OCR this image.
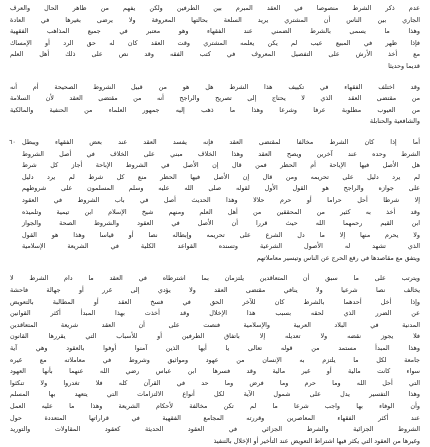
ﻋﺪﻡ ﺫﻛﺮ ﺍﻟﺸﺮﻁ ﻣﻨﺼﻮﺻﺎ ﻓﻲ ﺍﻟﻌﻘﺪ ﺍﻟﻤﺒﺮﻡ ﺑﻴﻦ ﺍﻟﻄﺮﻓﻴﻦ ﻭﻟﻜﻦ ﻳﻔﻬﻢ ﻣﻦ ﻇﺎﻫﺮ ﺍﻟﺤﺎﻝ ﻭﺍﻟﻌﺮﻑ
ﺍﻟﺠﺎﺭﻱ ﺑﻴﻦ ﺍﻟﻨﺎﺱ ﺃﻥ ﺍﻟﻤﺸﺘﺮﻱ ﻳﺮﻳﺪ ﺍﻟﺴﻠﻌﺔ ﺑﺤﺎﻟﺘﻬﺎ ﺍﻟﻤﻌﺮﻭﻓﺔ ﻭﻻ ﻳﺮﺿﻰ ﺑﻐﻴﺮﻫﺎ ﻓﻲ ﺍﻟﻌﺎﺩﺓ
ﻭﻫﺬﺍ ﻣﺎ ﻳﺴﻤﻰ ﺑﺎﻟﺸﺮﻁ ﺍﻟﻀﻤﻨﻲ ﻋﻨﺪ ﺍﻟﻔﻘﻬﺎﺀ ﻭﻫﻮ ﻣﻌﺘﺒﺮ ﻓﻲ ﺟﻤﻴﻊ ﺍﻟﻤﺬﺍﻫﺐ ﺍﻟﻔﻘﻬﻴﺔ
ﻓﺈﺫﺍ ﻇﻬﺮ ﻓﻲ ﺍﻟﻤﺒﻴﻊ ﻋﻴﺐ ﻟﻢ ﻳﻜﻦ ﻳﻌﻠﻤﻪ ﺍﻟﻤﺸﺘﺮﻱ ﻭﻗﺖ ﺍﻟﻌﻘﺪ ﻛﺎﻥ ﻟﻪ ﺣﻖ ﺍﻟﺮﺩ ﺃﻭ ﺍﻹﻣﺴﺎﻙ
ﻣﻊ ﺃﺧﺬ ﺍﻷﺭﺵ ﻋﻠﻰ ﺍﻟﺘﻔﺼﻴﻞ ﺍﻟﻤﻌﺮﻭﻑ ﻓﻲ ﻛﺘﺐ ﺍﻟﻔﻘﻪ ﻭﻗﺪ ﻧﺺ ﻋﻠﻰ ﺫﻟﻚ ﺃﻫﻞ ﺍﻟﻌﻠﻢ
ﻗﺪﻳﻤﺎ ﻭﺣﺪﻳﺜﺎ
ﻭﻗﺪ ﺍﺧﺘﻠﻒ ﺍﻟﻔﻘﻬﺎﺀ ﻓﻲ ﺗﻜﻴﻴﻒ ﻫﺬﺍ ﺍﻟﺸﺮﻁ ﻫﻞ ﻫﻮ ﻣﻦ ﻗﺒﻴﻞ ﺍﻟﺸﺮﻭﻁ ﺍﻟﺼﺤﻴﺤﺔ ﺃﻡ ﺃﻧﻪ
ﻣﻦ ﻣﻘﺘﻀﻰ ﺍﻟﻌﻘﺪ ﺍﻟﺬﻱ ﻻ ﻳﺤﺘﺎﺝ ﺇﻟﻰ ﺗﺼﺮﻳﺢ ﻭﺍﻟﺮﺍﺟﺢ ﺃﻧﻪ ﻣﻦ ﻣﻘﺘﻀﻰ ﺍﻟﻌﻘﺪ ﻟﺄﻥ ﺍﻟﺴﻼﻣﺔ
ﻣﻦ ﺍﻟﻌﻴﻮﺏ ﻣﻄﻠﻮﺑﺔ ﻋﺮﻓﺎ ﻭﺷﺮﻋﺎ ﻭﻫﺬﺍ ﻣﺎ ﺫﻫﺐ ﺇﻟﻴﻪ ﺟﻤﻬﻮﺭ ﺍﻟﻌﻠﻤﺎﺀ ﻣﻦ ﺍﻟﺤﻨﻔﻴﺔ ﻭﺍﻟﻤﺎﻟﻜﻴﺔ
ﻭﺍﻟﺸﺎﻓﻌﻴﺔ ﻭﺍﻟﺤﻨﺎﺑﻠﺔ
ﺃﻣﺎ ﺇﺫﺍ ﻛﺎﻥ ﺍﻟﺸﺮﻁ ﻣﺨﺎﻟﻔﺎ ﻟﻤﻘﺘﻀﻰ ﺍﻟﻌﻘﺪ ﻓﺈﻧﻪ ﻳﻔﺴﺪ ﺍﻟﻌﻘﺪ ﻋﻨﺪ ﺑﻌﺾ ﺍﻟﻔﻘﻬﺎﺀ ﻭﻳﺒﻄﻞ
٦٠
ﺍﻟﺸﺮﻁ ﻭﺣﺪﻩ ﻋﻨﺪ ﺁﺧﺮﻳﻦ ﻭﻳﺼﺢ ﺍﻟﻌﻘﺪ ﻭﻫﺬﺍ ﺍﻟﺨﻼﻑ ﻣﺒﻨﻲ ﻋﻠﻰ ﺍﻟﺨﻼﻑ ﻓﻲ ﺃﺻﻞ ﺍﻟﺸﺮﻭﻁ
ﻫﻞ ﺍﻷﺻﻞ ﻓﻴﻬﺎ ﺍﻹﺑﺎﺣﺔ ﺃﻡ ﺍﻟﺤﻈﺮ ﻓﻤﻦ ﻗﺎﻝ ﺇﻥ ﺍﻷﺻﻞ ﻓﻲ ﺍﻟﺸﺮﻭﻁ ﺍﻹﺑﺎﺣﺔ ﺃﺟﺎﺯ ﻛﻞ ﺷﺮﻁ
ﻟﻢ ﻳﺮﺩ ﺩﻟﻴﻞ ﻋﻠﻰ ﺗﺤﺮﻳﻤﻪ ﻭﻣﻦ ﻗﺎﻝ ﺇﻥ ﺍﻷﺻﻞ ﻓﻴﻬﺎ ﺍﻟﺤﻈﺮ ﻣﻨﻊ ﻛﻞ ﺷﺮﻁ ﻟﻢ ﻳﺮﺩ ﺩﻟﻴﻞ
ﻋﻠﻰ ﺟﻮﺍﺯﻩ ﻭﺍﻟﺮﺍﺟﺢ ﻫﻮ ﺍﻟﻘﻮﻝ ﺍﻷﻭﻝ ﻟﻘﻮﻟﻪ ﺻﻠﻰ ﺍﻟﻠﻪ ﻋﻠﻴﻪ ﻭﺳﻠﻢ ﺍﻟﻤﺴﻠﻤﻮﻥ ﻋﻠﻰ ﺷﺮﻭﻃﻬﻢ
ﺇﻻ ﺷﺮﻃﺎ ﺃﺣﻞ ﺣﺮﺍﻣﺎ ﺃﻭ ﺣﺮﻡ ﺣﻼﻻ ﻭﻫﺬﺍ ﺍﻟﺤﺪﻳﺚ ﺃﺻﻞ ﻓﻲ ﺑﺎﺏ ﺍﻟﺸﺮﻭﻁ ﻓﻲ ﺍﻟﻌﻘﻮﺩ
ﻭﻗﺪ ﺃﺧﺬ ﺑﻪ ﻛﺜﻴﺮ ﻣﻦ ﺍﻟﻤﺤﻘﻘﻴﻦ ﻣﻦ ﺃﻫﻞ ﺍﻟﻌﻠﻢ ﻭﻣﻨﻬﻢ ﺷﻴﺦ ﺍﻹﺳﻼﻡ ﺍﺑﻦ ﺗﻴﻤﻴﺔ ﻭﺗﻠﻤﻴﺬﻩ
ﺍﺑﻦ ﺍﻟﻘﻴﻢ ﺭﺣﻤﻬﻤﺎ ﺍﻟﻠﻪ ﺣﻴﺚ ﻗﺮﺭﺍ ﺃﻥ ﺍﻷﺻﻞ ﻓﻲ ﺍﻟﻌﻘﻮﺩ ﻭﺍﻟﺸﺮﻭﻁ ﺍﻟﺼﺤﺔ ﻭﺍﻟﺠﻮﺍﺯ
ﻭﻻ ﻳﺤﺮﻡ ﻣﻨﻬﺎ ﺇﻻ ﻣﺎ ﺩﻝ ﺍﻟﺸﺮﻉ ﻋﻠﻰ ﺗﺤﺮﻳﻤﻪ ﻭﺇﺑﻄﺎﻟﻪ ﻧﺼﺎ ﺃﻭ ﻗﻴﺎﺳﺎ ﻭﻫﺬﺍ ﻫﻮ ﺍﻟﻘﻮﻝ
ﺍﻟﺬﻱ ﺗﺸﻬﺪ ﻟﻪ ﺍﻷﺻﻮﻝ ﺍﻟﺸﺮﻋﻴﺔ ﻭﺗﺴﻨﺪﻩ ﺍﻟﻘﻮﺍﻋﺪ ﺍﻟﻜﻠﻴﺔ ﻓﻲ ﺍﻟﺸﺮﻳﻌﺔ ﺍﻹﺳﻼﻣﻴﺔ
ﻭﻳﺘﻔﻖ ﻣﻊ ﻣﻘﺎﺻﺪﻫﺎ ﻓﻲ ﺭﻓﻊ ﺍﻟﺤﺮﺝ ﻋﻦ ﺍﻟﻨﺎﺱ ﻭﺗﻴﺴﻴﺮ ﻣﻌﺎﻣﻼﺗﻬﻢ
ﻭﻳﺘﺮﺗﺐ ﻋﻠﻰ ﻣﺎ ﺳﺒﻖ ﺃﻥ ﺍﻟﻤﺘﻌﺎﻗﺪﻳﻦ ﻳﻠﺘﺰﻣﺎﻥ ﺑﻤﺎ ﺍﺷﺘﺮﻃﺎﻩ ﻓﻲ ﺍﻟﻌﻘﺪ ﻣﺎ ﺩﺍﻡ ﺍﻟﺸﺮﻁ ﻻ
ﻳﺨﺎﻟﻒ ﻧﺼﺎ ﺷﺮﻋﻴﺎ ﻭﻻ ﻳﻨﺎﻓﻲ ﻣﻘﺘﻀﻰ ﺍﻟﻌﻘﺪ ﻭﻻ ﻳﺆﺩﻱ ﺇﻟﻰ ﻏﺮﺭ ﺃﻭ ﺟﻬﺎﻟﺔ ﻓﺎﺣﺸﺔ
ﻭﺇﺫﺍ ﺃﺧﻞ ﺃﺣﺪﻫﻤﺎ ﺑﺎﻟﺸﺮﻁ ﻛﺎﻥ ﻟﻠﺂﺧﺮ ﺍﻟﺤﻖ ﻓﻲ ﻓﺴﺦ ﺍﻟﻌﻘﺪ ﺃﻭ ﺍﻟﻤﻄﺎﻟﺒﺔ ﺑﺎﻟﺘﻌﻮﻳﺾ
ﻋﻦ ﺍﻟﻀﺮﺭ ﺍﻟﺬﻱ ﻟﺤﻘﻪ ﺑﺴﺒﺐ ﻫﺬﺍ ﺍﻹﺧﻼﻝ ﻭﻗﺪ ﺃﺧﺬﺕ ﺑﻬﺬﺍ ﺍﻟﻤﺒﺪﺃ ﺃﻛﺜﺮ ﺍﻟﻘﻮﺍﻧﻴﻦ
ﺍﻟﻤﺪﻧﻴﺔ ﻓﻲ ﺍﻟﺒﻼﺩ ﺍﻟﻌﺮﺑﻴﺔ ﻭﺍﻹﺳﻼﻣﻴﺔ ﻓﻨﺼﺖ ﻋﻠﻰ ﺃﻥ ﺍﻟﻌﻘﺪ ﺷﺮﻳﻌﺔ ﺍﻟﻤﺘﻌﺎﻗﺪﻳﻦ
ﻓﻼ ﻳﺠﻮﺯ ﻧﻘﻀﻪ ﻭﻻ ﺗﻌﺪﻳﻠﻪ ﺇﻻ ﺑﺎﺗﻔﺎﻕ ﺍﻟﻄﺮﻓﻴﻦ ﺃﻭ ﻟﻸﺳﺒﺎﺏ ﺍﻟﺘﻲ ﻳﻘﺮﺭﻫﺎ ﺍﻟﻘﺎﻧﻮﻥ
ﻭﻫﺬﺍ ﺍﻟﻤﺒﺪﺃ ﻣﺴﺘﻤﺪ ﻣﻦ ﻗﻮﻟﻪ ﺗﻌﺎﻟﻰ ﻳﺎ ﺃﻳﻬﺎ ﺍﻟﺬﻳﻦ ﺁﻣﻨﻮﺍ ﺃﻭﻓﻮﺍ ﺑﺎﻟﻌﻘﻮﺩ ﻭﻫﻲ ﺁﻳﺔ
ﺟﺎﻣﻌﺔ ﻟﻜﻞ ﻣﺎ ﻳﻠﺘﺰﻡ ﺑﻪ ﺍﻹﻧﺴﺎﻥ ﻣﻦ ﻋﻬﻮﺩ ﻭﻣﻮﺍﺛﻴﻖ ﻭﺷﺮﻭﻁ ﻓﻲ ﻣﻌﺎﻣﻼﺗﻪ ﻣﻊ ﻏﻴﺮﻩ
ﺳﻮﺍﺀ ﻛﺎﻧﺖ ﻣﺎﻟﻴﺔ ﺃﻭ ﻏﻴﺮ ﻣﺎﻟﻴﺔ ﻭﻗﺪ ﻓﺴﺮﻫﺎ ﺍﺑﻦ ﻋﺒﺎﺱ ﺭﺿﻲ ﺍﻟﻠﻪ ﻋﻨﻬﻤﺎ ﺑﺄﻧﻬﺎ ﺍﻟﻌﻬﻮﺩ
ﺍﻟﺘﻲ ﺃﺣﻞ ﺍﻟﻠﻪ ﻭﻣﺎ ﺣﺮﻡ ﻭﻣﺎ ﻓﺮﺽ ﻭﻣﺎ ﺣﺪ ﻓﻲ ﺍﻟﻘﺮﺁﻥ ﻛﻠﻪ ﻓﻼ ﺗﻐﺪﺭﻭﺍ ﻭﻻ ﺗﻨﻜﺜﻮﺍ
ﻭﻫﺬﺍ ﺍﻟﺘﻔﺴﻴﺮ ﻳﺪﻝ ﻋﻠﻰ ﺷﻤﻮﻝ ﺍﻵﻳﺔ ﻟﻜﻞ ﺃﻧﻮﺍﻉ ﺍﻻﻟﺘﺰﺍﻣﺎﺕ ﺍﻟﺘﻲ ﻳﺘﻌﻬﺪ ﺑﻬﺎ ﺍﻟﻤﺴﻠﻢ
ﻭﺃﻥ ﺍﻟﻮﻓﺎﺀ ﺑﻬﺎ ﻭﺍﺟﺐ ﺷﺮﻋﺎ ﻣﺎ ﻟﻢ ﺗﻜﻦ ﻣﺨﺎﻟﻔﺔ ﻟﺄﺣﻜﺎﻡ ﺍﻟﺸﺮﻳﻌﺔ ﻭﻫﺬﺍ ﻣﺎ ﻋﻠﻴﻪ ﺍﻟﻌﻤﻞ
ﻋﻨﺪ ﺃﻛﺜﺮ ﺍﻟﻔﻘﻬﺎﺀ ﺍﻟﻤﻌﺎﺻﺮﻳﻦ ﻭﻗﺮﺭﺗﻪ ﺍﻟﻤﺠﺎﻣﻊ ﺍﻟﻔﻘﻬﻴﺔ ﻓﻲ ﻗﺮﺍﺭﺍﺗﻬﺎ ﺍﻟﻤﺘﻌﺪﺩﺓ ﺣﻮﻝ
ﺍﻟﺸﺮﻭﻁ ﺍﻟﺠﺰﺍﺋﻴﺔ ﻭﺍﻟﺸﺮﻁ ﺍﻟﺠﺰﺍﺋﻲ ﻓﻲ ﺍﻟﻌﻘﻮﺩ ﺍﻟﺤﺪﻳﺜﺔ ﻛﻌﻘﻮﺩ ﺍﻟﻤﻘﺎﻭﻟﺎﺕ ﻭﺍﻟﺘﻮﺭﻳﺪ
ﻭﻏﻴﺮﻫﺎ ﻣﻦ ﺍﻟﻌﻘﻮﺩ ﺍﻟﺘﻲ ﻳﻜﺜﺮ ﻓﻴﻬﺎ ﺍﺷﺘﺮﺍﻁ ﺍﻟﺘﻌﻮﻳﺾ ﻋﻨﺪ ﺍﻟﺘﺄﺧﻴﺮ ﺃﻭ ﺍﻹﺧﻼﻝ ﺑﺎﻟﺘﻨﻔﻴﺬ
